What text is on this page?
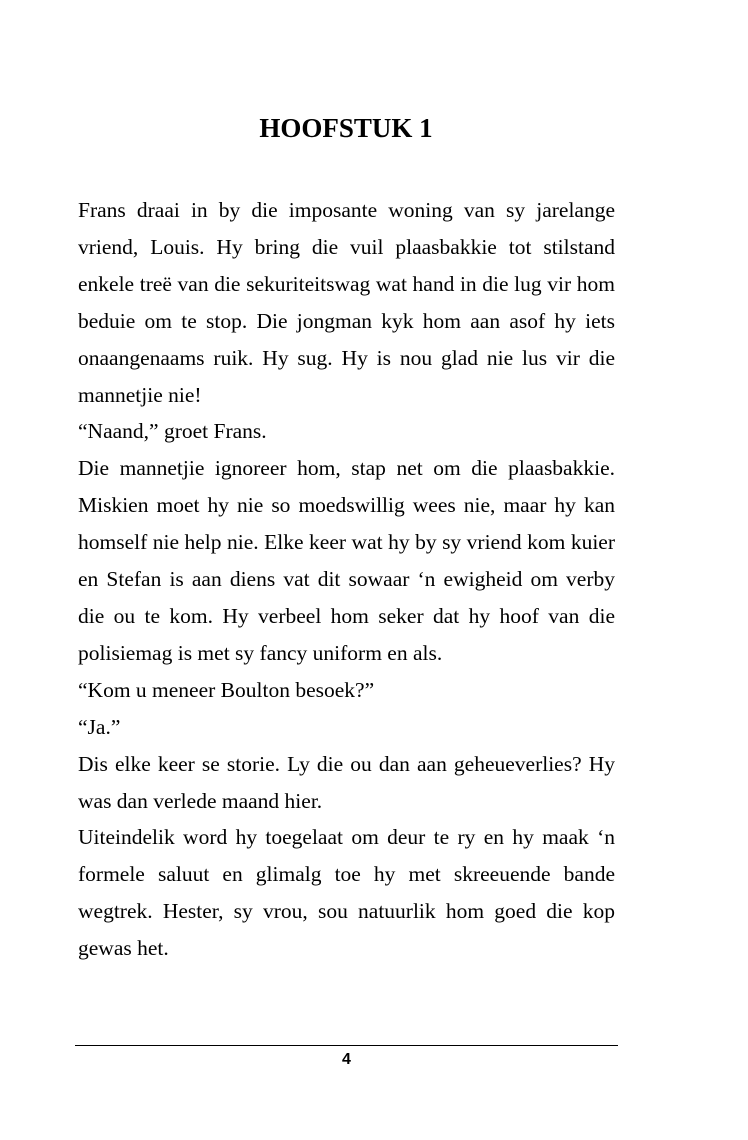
HOOFSTUK 1

Frans draai in by die imposante woning van sy jarelange vriend, Louis. Hy bring die vuil plaasbakkie tot stilstand enkele treë van die sekuriteitswag wat hand in die lug vir hom beduie om te stop. Die jongman kyk hom aan asof hy iets onaangenaams ruik. Hy sug. Hy is nou glad nie lus vir die mannetjie nie!

“Naand,” groet Frans.

Die mannetjie ignoreer hom, stap net om die plaasbakkie. Miskien moet hy nie so moedswillig wees nie, maar hy kan homself nie help nie. Elke keer wat hy by sy vriend kom kuier en Stefan is aan diens vat dit sowaar ‘n ewigheid om verby die ou te kom. Hy verbeel hom seker dat hy hoof van die polisiemag is met sy fancy uniform en als.

“Kom u meneer Boulton besoek?”

“Ja.”

Dis elke keer se storie. Ly die ou dan aan geheueverlies? Hy was dan verlede maand hier.

Uiteindelik word hy toegelaat om deur te ry en hy maak ‘n formele saluut en glimalg toe hy met skreeuende bande wegtrek. Hester, sy vrou, sou natuurlik hom goed die kop gewas het.

4
